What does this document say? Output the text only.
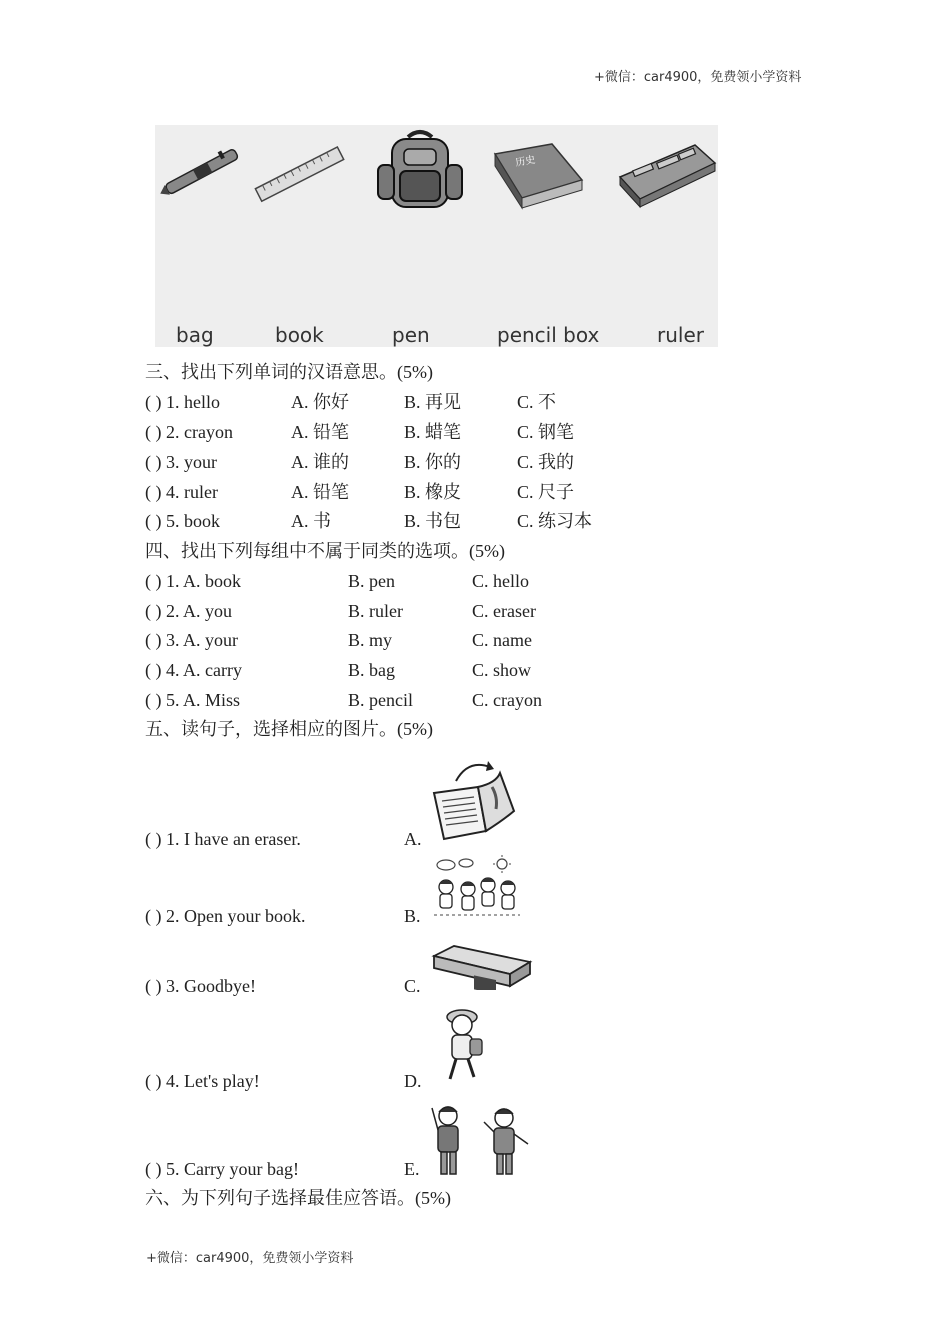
+微信：car4900，免费领小学资料
历史
bag	book	pen	pencil box	ruler
三、找出下列单词的汉语意思。(5%)
( ) 1. hello	A. 你好	B. 再见	C. 不
( ) 2. crayon	A. 铅笔	B. 蜡笔	C. 钢笔
( ) 3. your	A. 谁的	B. 你的	C. 我的
( ) 4. ruler	A. 铅笔	B. 橡皮	C. 尺子
( ) 5. book	A. 书	B. 书包	C. 练习本
四、找出下列每组中不属于同类的选项。(5%)
( ) 1. A. book	B. pen	C. hello
( ) 2. A. you	B. ruler	C. eraser
( ) 3. A. your	B. my	C. name
( ) 4. A. carry	B. bag	C. show
( ) 5. A. Miss	B. pencil	C. crayon
五、读句子，选择相应的图片。(5%)
( ) 1. I have an eraser.	A.
( ) 2. Open your book.	B.
( ) 3. Goodbye!	C.
( ) 4. Let's play!	D.
( ) 5. Carry your bag!	E.
六、为下列句子选择最佳应答语。(5%)
+微信：car4900，免费领小学资料
